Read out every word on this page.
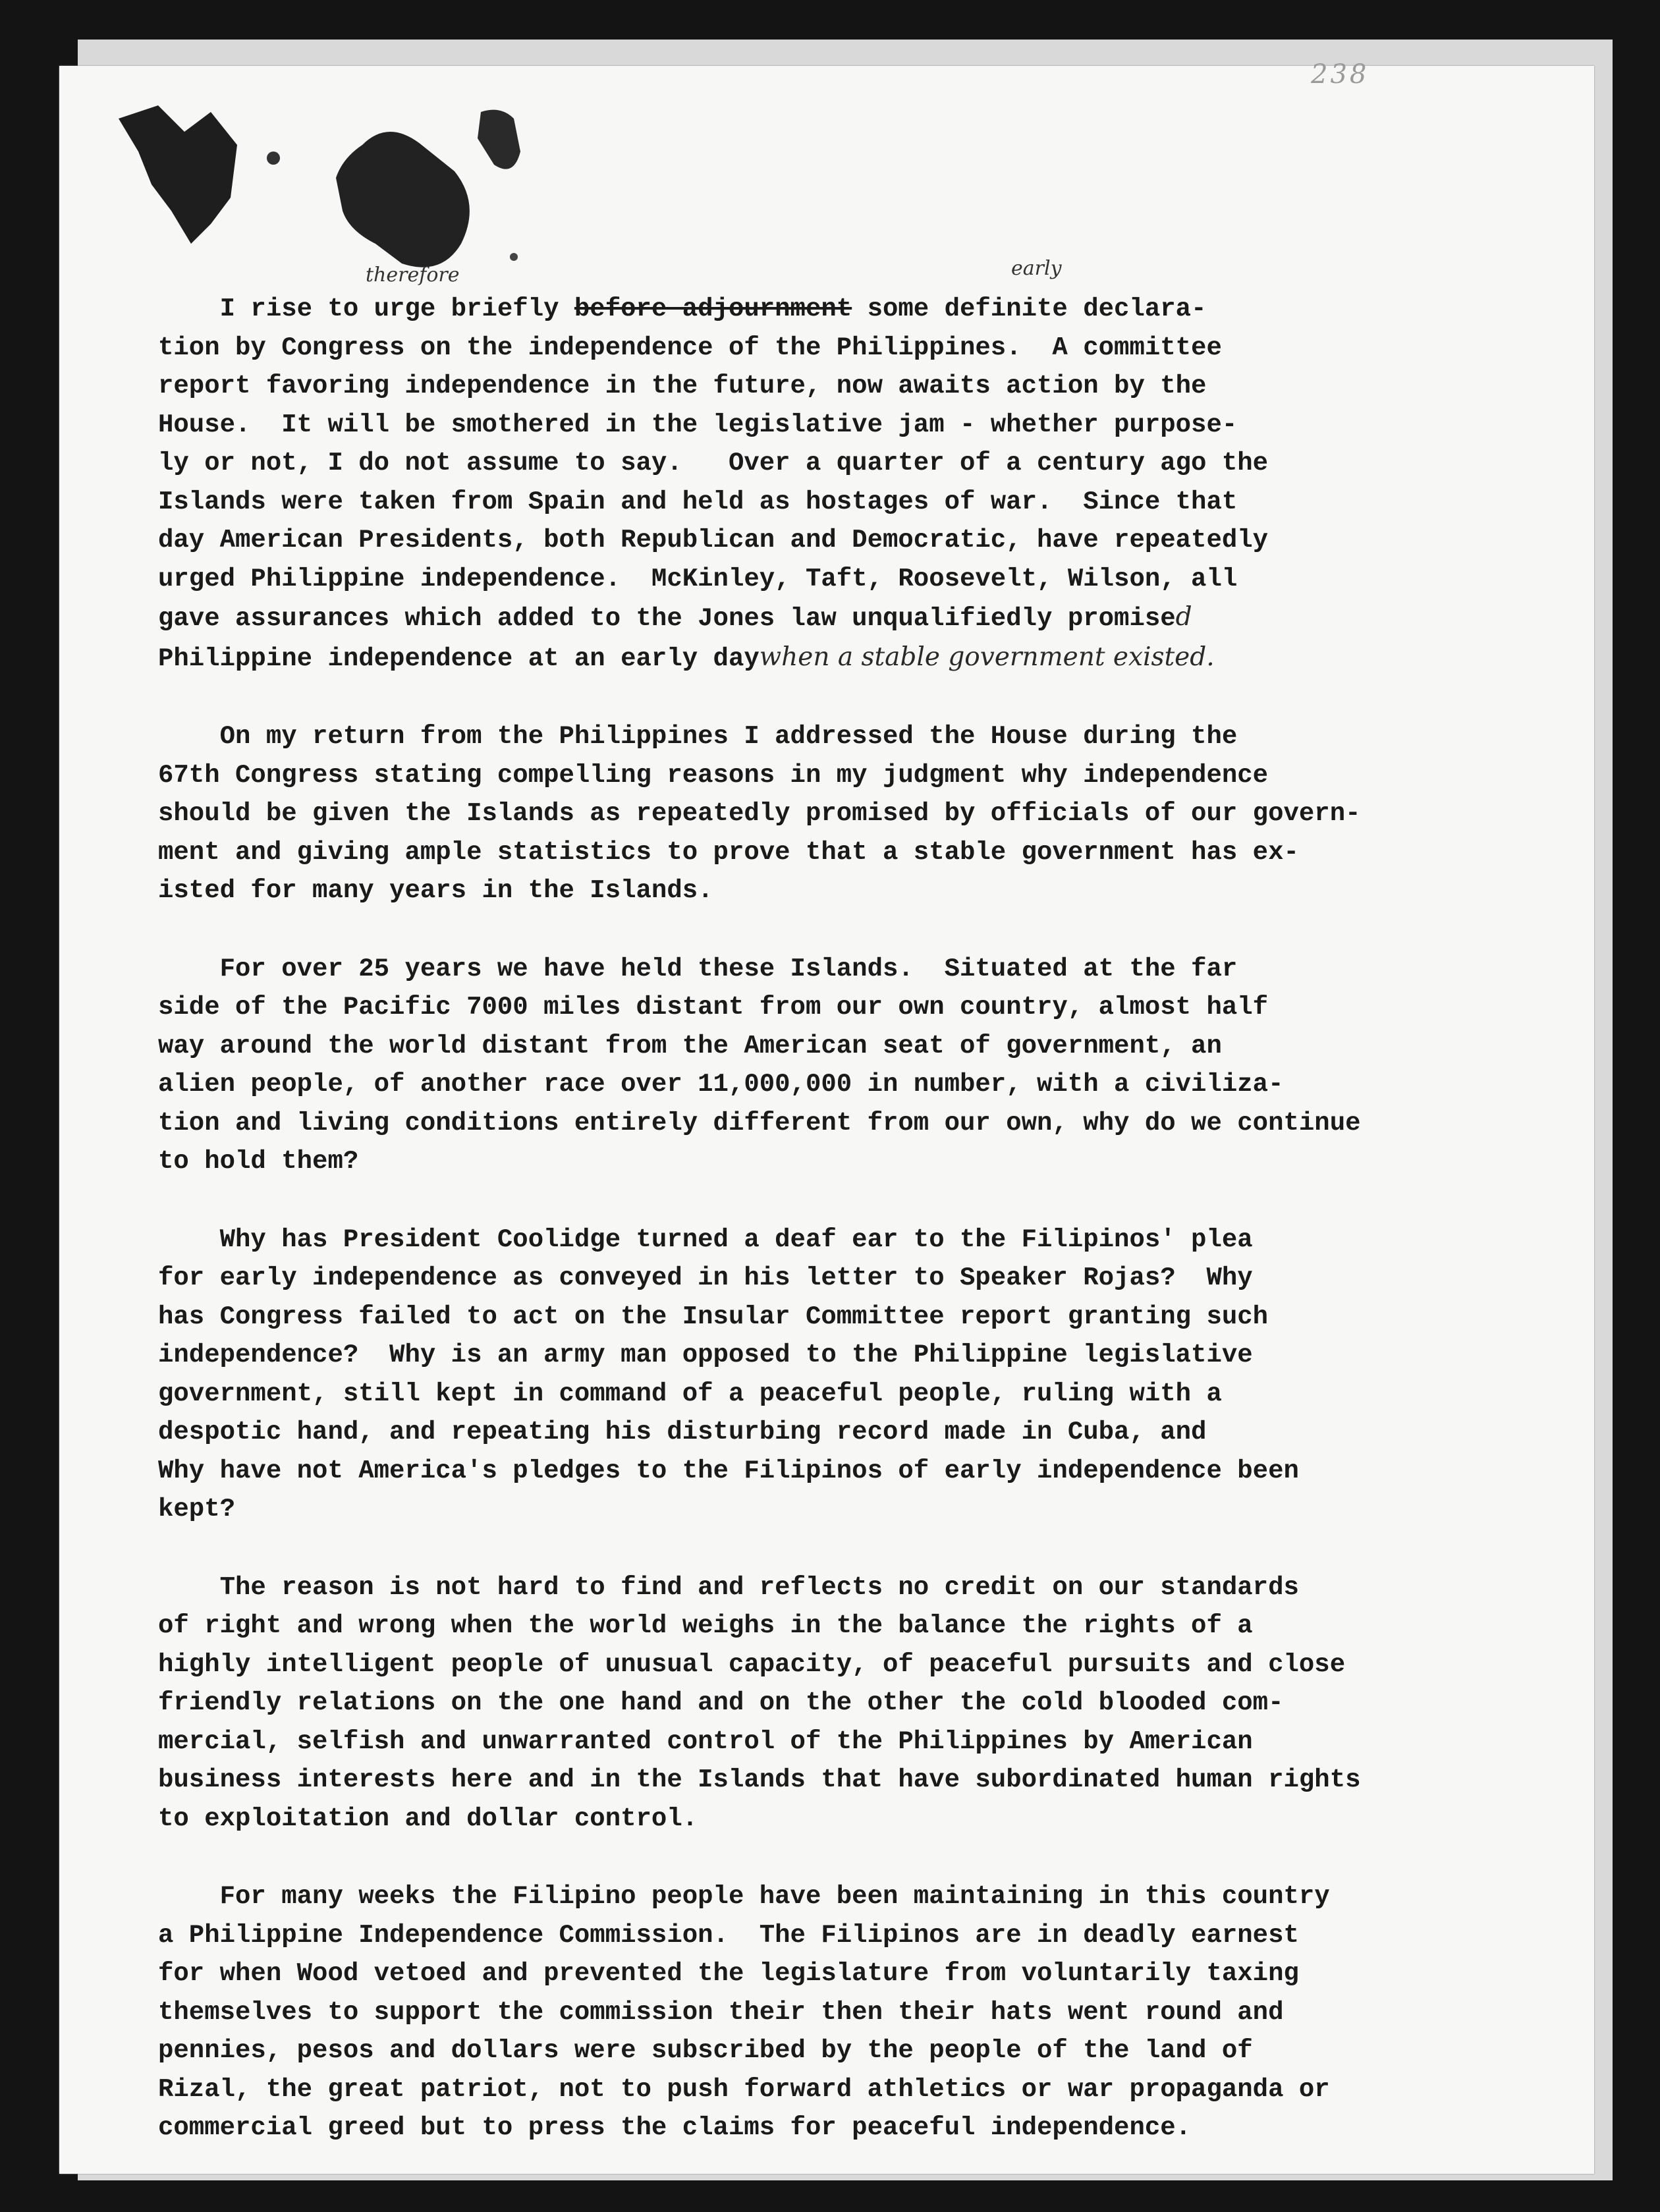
238
therefore	early
I rise to urge briefly before adjournment some definite declara-
tion by Congress on the independence of the Philippines.  A committee
report favoring independence in the future, now awaits action by the
House.  It will be smothered in the legislative jam - whether purpose-
ly or not, I do not assume to say.   Over a quarter of a century ago the
Islands were taken from Spain and held as hostages of war.  Since that
day American Presidents, both Republican and Democratic, have repeatedly
urged Philippine independence.  McKinley, Taft, Roosevelt, Wilson, all
gave assurances which added to the Jones law unqualifiedly promised
Philippine independence at an early daywhen a stable government existed.
On my return from the Philippines I addressed the House during the
67th Congress stating compelling reasons in my judgment why independence
should be given the Islands as repeatedly promised by officials of our govern-
ment and giving ample statistics to prove that a stable government has ex-
isted for many years in the Islands.
For over 25 years we have held these Islands.  Situated at the far
side of the Pacific 7000 miles distant from our own country, almost half
way around the world distant from the American seat of government, an
alien people, of another race over 11,000,000 in number, with a civiliza-
tion and living conditions entirely different from our own, why do we continue
to hold them?
Why has President Coolidge turned a deaf ear to the Filipinos' plea
for early independence as conveyed in his letter to Speaker Rojas?  Why
has Congress failed to act on the Insular Committee report granting such
independence?  Why is an army man opposed to the Philippine legislative
government, still kept in command of a peaceful people, ruling with a
despotic hand, and repeating his disturbing record made in Cuba, and
Why have not America's pledges to the Filipinos of early independence been
kept?
The reason is not hard to find and reflects no credit on our standards
of right and wrong when the world weighs in the balance the rights of a
highly intelligent people of unusual capacity, of peaceful pursuits and close
friendly relations on the one hand and on the other the cold blooded com-
mercial, selfish and unwarranted control of the Philippines by American
business interests here and in the Islands that have subordinated human rights
to exploitation and dollar control.
For many weeks the Filipino people have been maintaining in this country
a Philippine Independence Commission.  The Filipinos are in deadly earnest
for when Wood vetoed and prevented the legislature from voluntarily taxing
themselves to support the commission their then their hats went round and
pennies, pesos and dollars were subscribed by the people of the land of
Rizal, the great patriot, not to push forward athletics or war propaganda or
commercial greed but to press the claims for peaceful independence.
